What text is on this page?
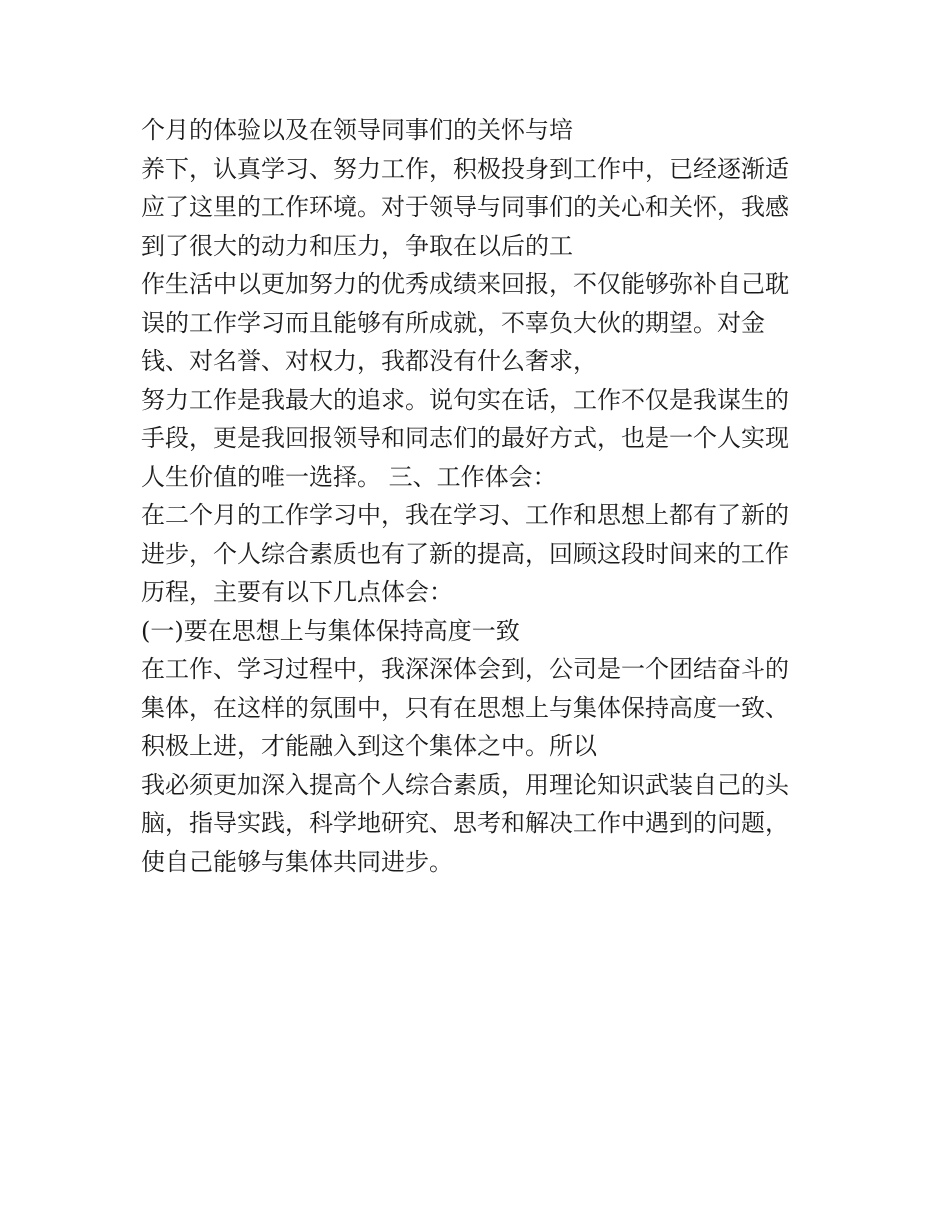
个月的体验以及在领导同事们的关怀与培
养下，认真学习、努力工作，积极投身到工作中，已经逐渐适
应了这里的工作环境。对于领导与同事们的关心和关怀，我感
到了很大的动力和压力，争取在以后的工
作生活中以更加努力的优秀成绩来回报，不仅能够弥补自己耽
误的工作学习而且能够有所成就，不辜负大伙的期望。对金
钱、对名誉、对权力，我都没有什么奢求，
努力工作是我最大的追求。说句实在话，工作不仅是我谋生的
手段，更是我回报领导和同志们的最好方式，也是一个人实现
人生价值的唯一选择。 三、工作体会：
在二个月的工作学习中，我在学习、工作和思想上都有了新的
进步，个人综合素质也有了新的提高，回顾这段时间来的工作
历程，主要有以下几点体会：
(一)要在思想上与集体保持高度一致
在工作、学习过程中，我深深体会到，公司是一个团结奋斗的
集体，在这样的氛围中，只有在思想上与集体保持高度一致、
积极上进，才能融入到这个集体之中。所以
我必须更加深入提高个人综合素质，用理论知识武装自己的头
脑，指导实践，科学地研究、思考和解决工作中遇到的问题，
使自己能够与集体共同进步。
